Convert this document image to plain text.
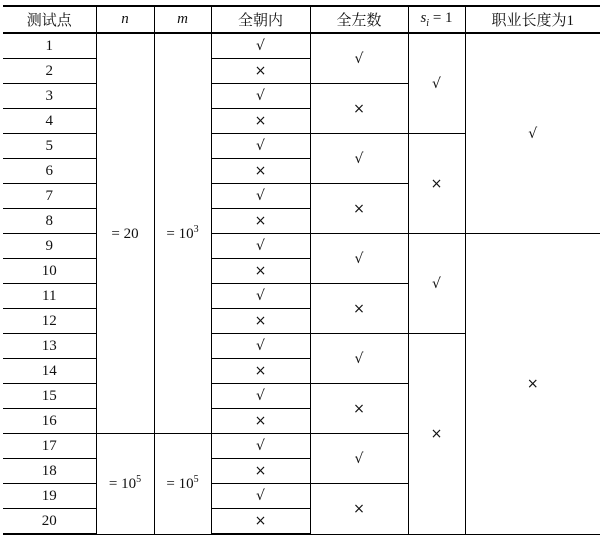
测试点	n	m	全朝内	全左数	$s_i = 1$	职业长度为1
1	= 20	= $10^3$	√	√	√	√
2			×			
3			√	×		
4			×			
5			√	√	×	
6			×			
7			√	×		
8			×			
9			√	√	√	×
10			×			
11			√	×		
12			×			
13			√	√	×	
14			×			
15			√	×		
16			×			
17	= $10^5$	= $10^5$	√	√		
18			×			
19			√	×		
20			×			
